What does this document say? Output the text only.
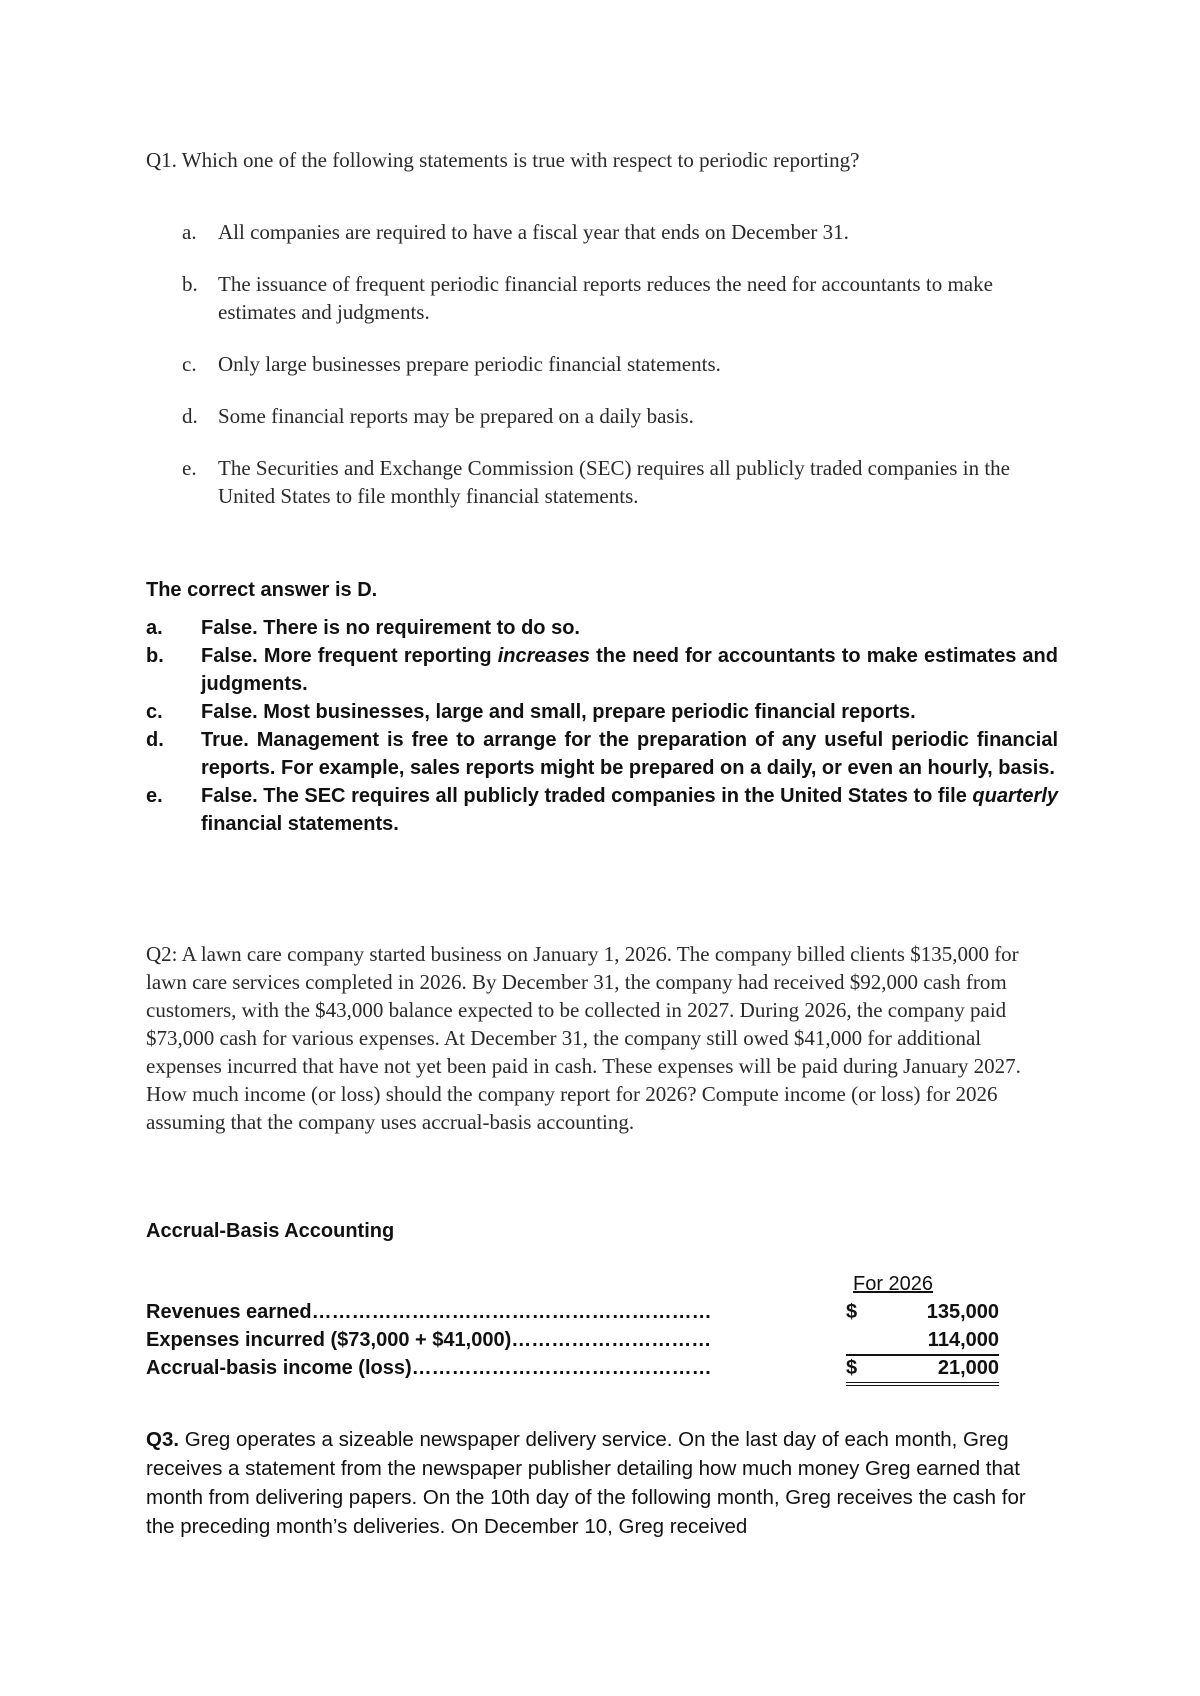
Q1. Which one of the following statements is true with respect to periodic reporting?
a.	All companies are required to have a fiscal year that ends on December 31.
b. The issuance of frequent periodic financial reports reduces the need for accountants to make estimates and judgments.
c.	Only large businesses prepare periodic financial statements.
d. Some financial reports may be prepared on a daily basis.
e.	The Securities and Exchange Commission (SEC) requires all publicly traded companies in the United States to file monthly financial statements.
The correct answer is D.
a.	False. There is no requirement to do so.
b.	False. More frequent reporting increases the need for accountants to make estimates and judgments.
c.	False. Most businesses, large and small, prepare periodic financial reports.
d.	True. Management is free to arrange for the preparation of any useful periodic financial reports. For example, sales reports might be prepared on a daily, or even an hourly, basis.
e.	False. The SEC requires all publicly traded companies in the United States to file quarterly financial statements.
Q2: A lawn care company started business on January 1, 2026. The company billed clients $135,000 for lawn care services completed in 2026. By December 31, the company had received $92,000 cash from customers, with the $43,000 balance expected to be collected in 2027. During 2026, the company paid $73,000 cash for various expenses. At December 31, the company still owed $41,000 for additional expenses incurred that have not yet been paid in cash. These expenses will be paid during January 2027. How much income (or loss) should the company report for 2026? Compute income (or loss) for 2026 assuming that the company uses accrual-basis accounting.
Accrual-Basis Accounting
For 2026
Revenues earned……………………………………………………	$	135,000
Expenses incurred ($73,000 + $41,000)…………………………	114,000
Accrual-basis income (loss)………………………………………	$	21,000
Q3. Greg operates a sizeable newspaper delivery service. On the last day of each month, Greg receives a statement from the newspaper publisher detailing how much money Greg earned that month from delivering papers. On the 10th day of the following month, Greg receives the cash for the preceding month’s deliveries. On December 10, Greg received
